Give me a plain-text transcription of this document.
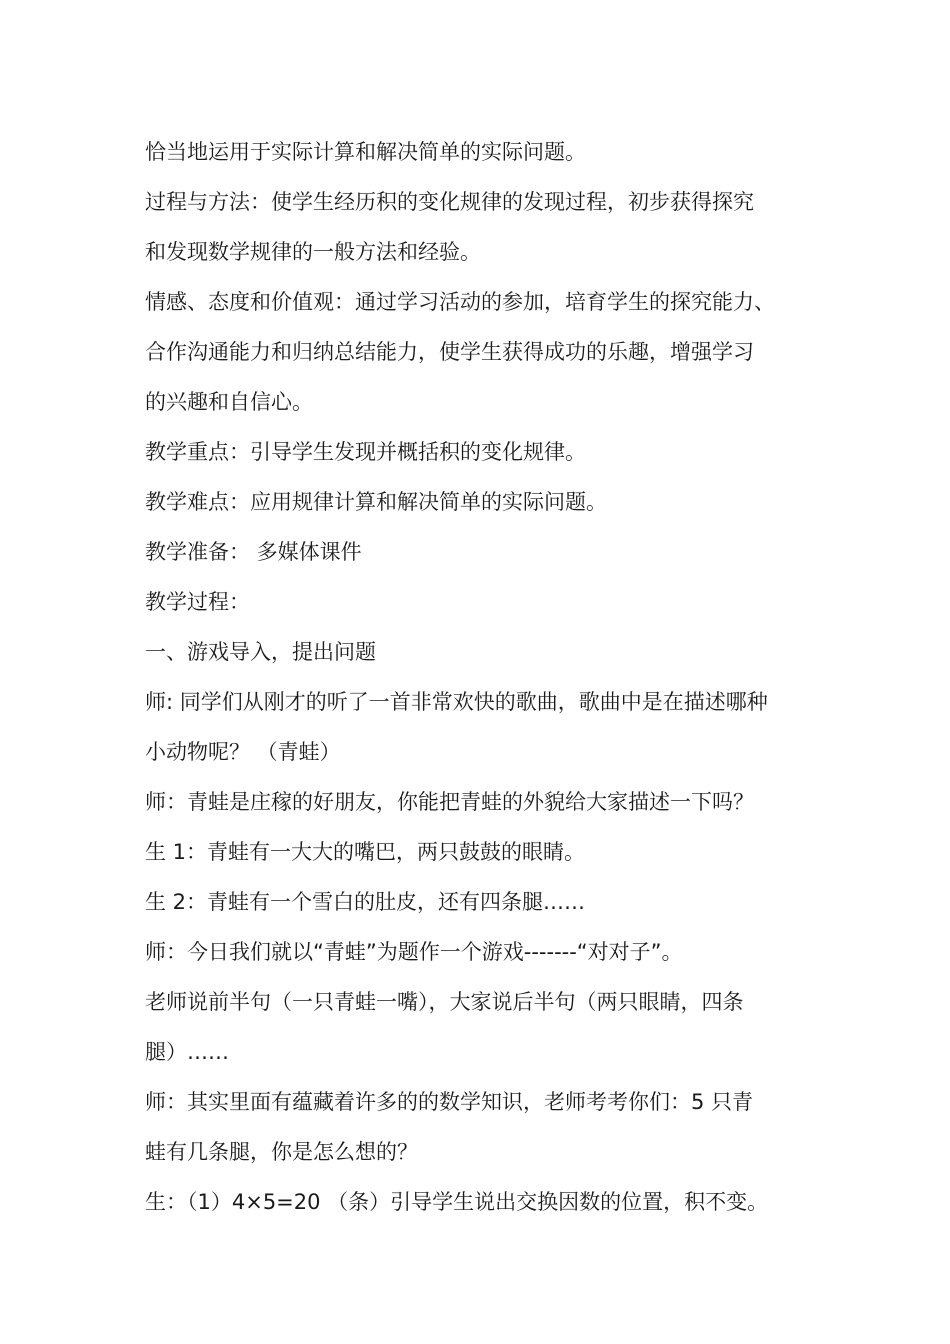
恰当地运用于实际计算和解决简单的实际问题。
过程与方法：使学生经历积的变化规律的发现过程，初步获得探究
和发现数学规律的一般方法和经验。
情感、态度和价值观：通过学习活动的参加，培育学生的探究能力、
合作沟通能力和归纳总结能力，使学生获得成功的乐趣，增强学习
的兴趣和自信心。
教学重点：引导学生发现并概括积的变化规律。
教学难点：应用规律计算和解决简单的实际问题。
教学准备： 多媒体课件
教学过程：
一、游戏导入，提出问题
师: 同学们从刚才的听了一首非常欢快的歌曲，歌曲中是在描述哪种
小动物呢？ （青蛙）
师：青蛙是庄稼的好朋友，你能把青蛙的外貌给大家描述一下吗？
生 1：青蛙有一大大的嘴巴，两只鼓鼓的眼睛。
生 2：青蛙有一个雪白的肚皮，还有四条腿……
师：今日我们就以“青蛙”为题作一个游戏-------“对对子”。
老师说前半句（一只青蛙一嘴），大家说后半句（两只眼睛，四条
腿）……
师：其实里面有蕴藏着许多的的数学知识，老师考考你们：5 只青
蛙有几条腿，你是怎么想的？
生：（1）4×5=20 （条）引导学生说出交换因数的位置，积不变。
